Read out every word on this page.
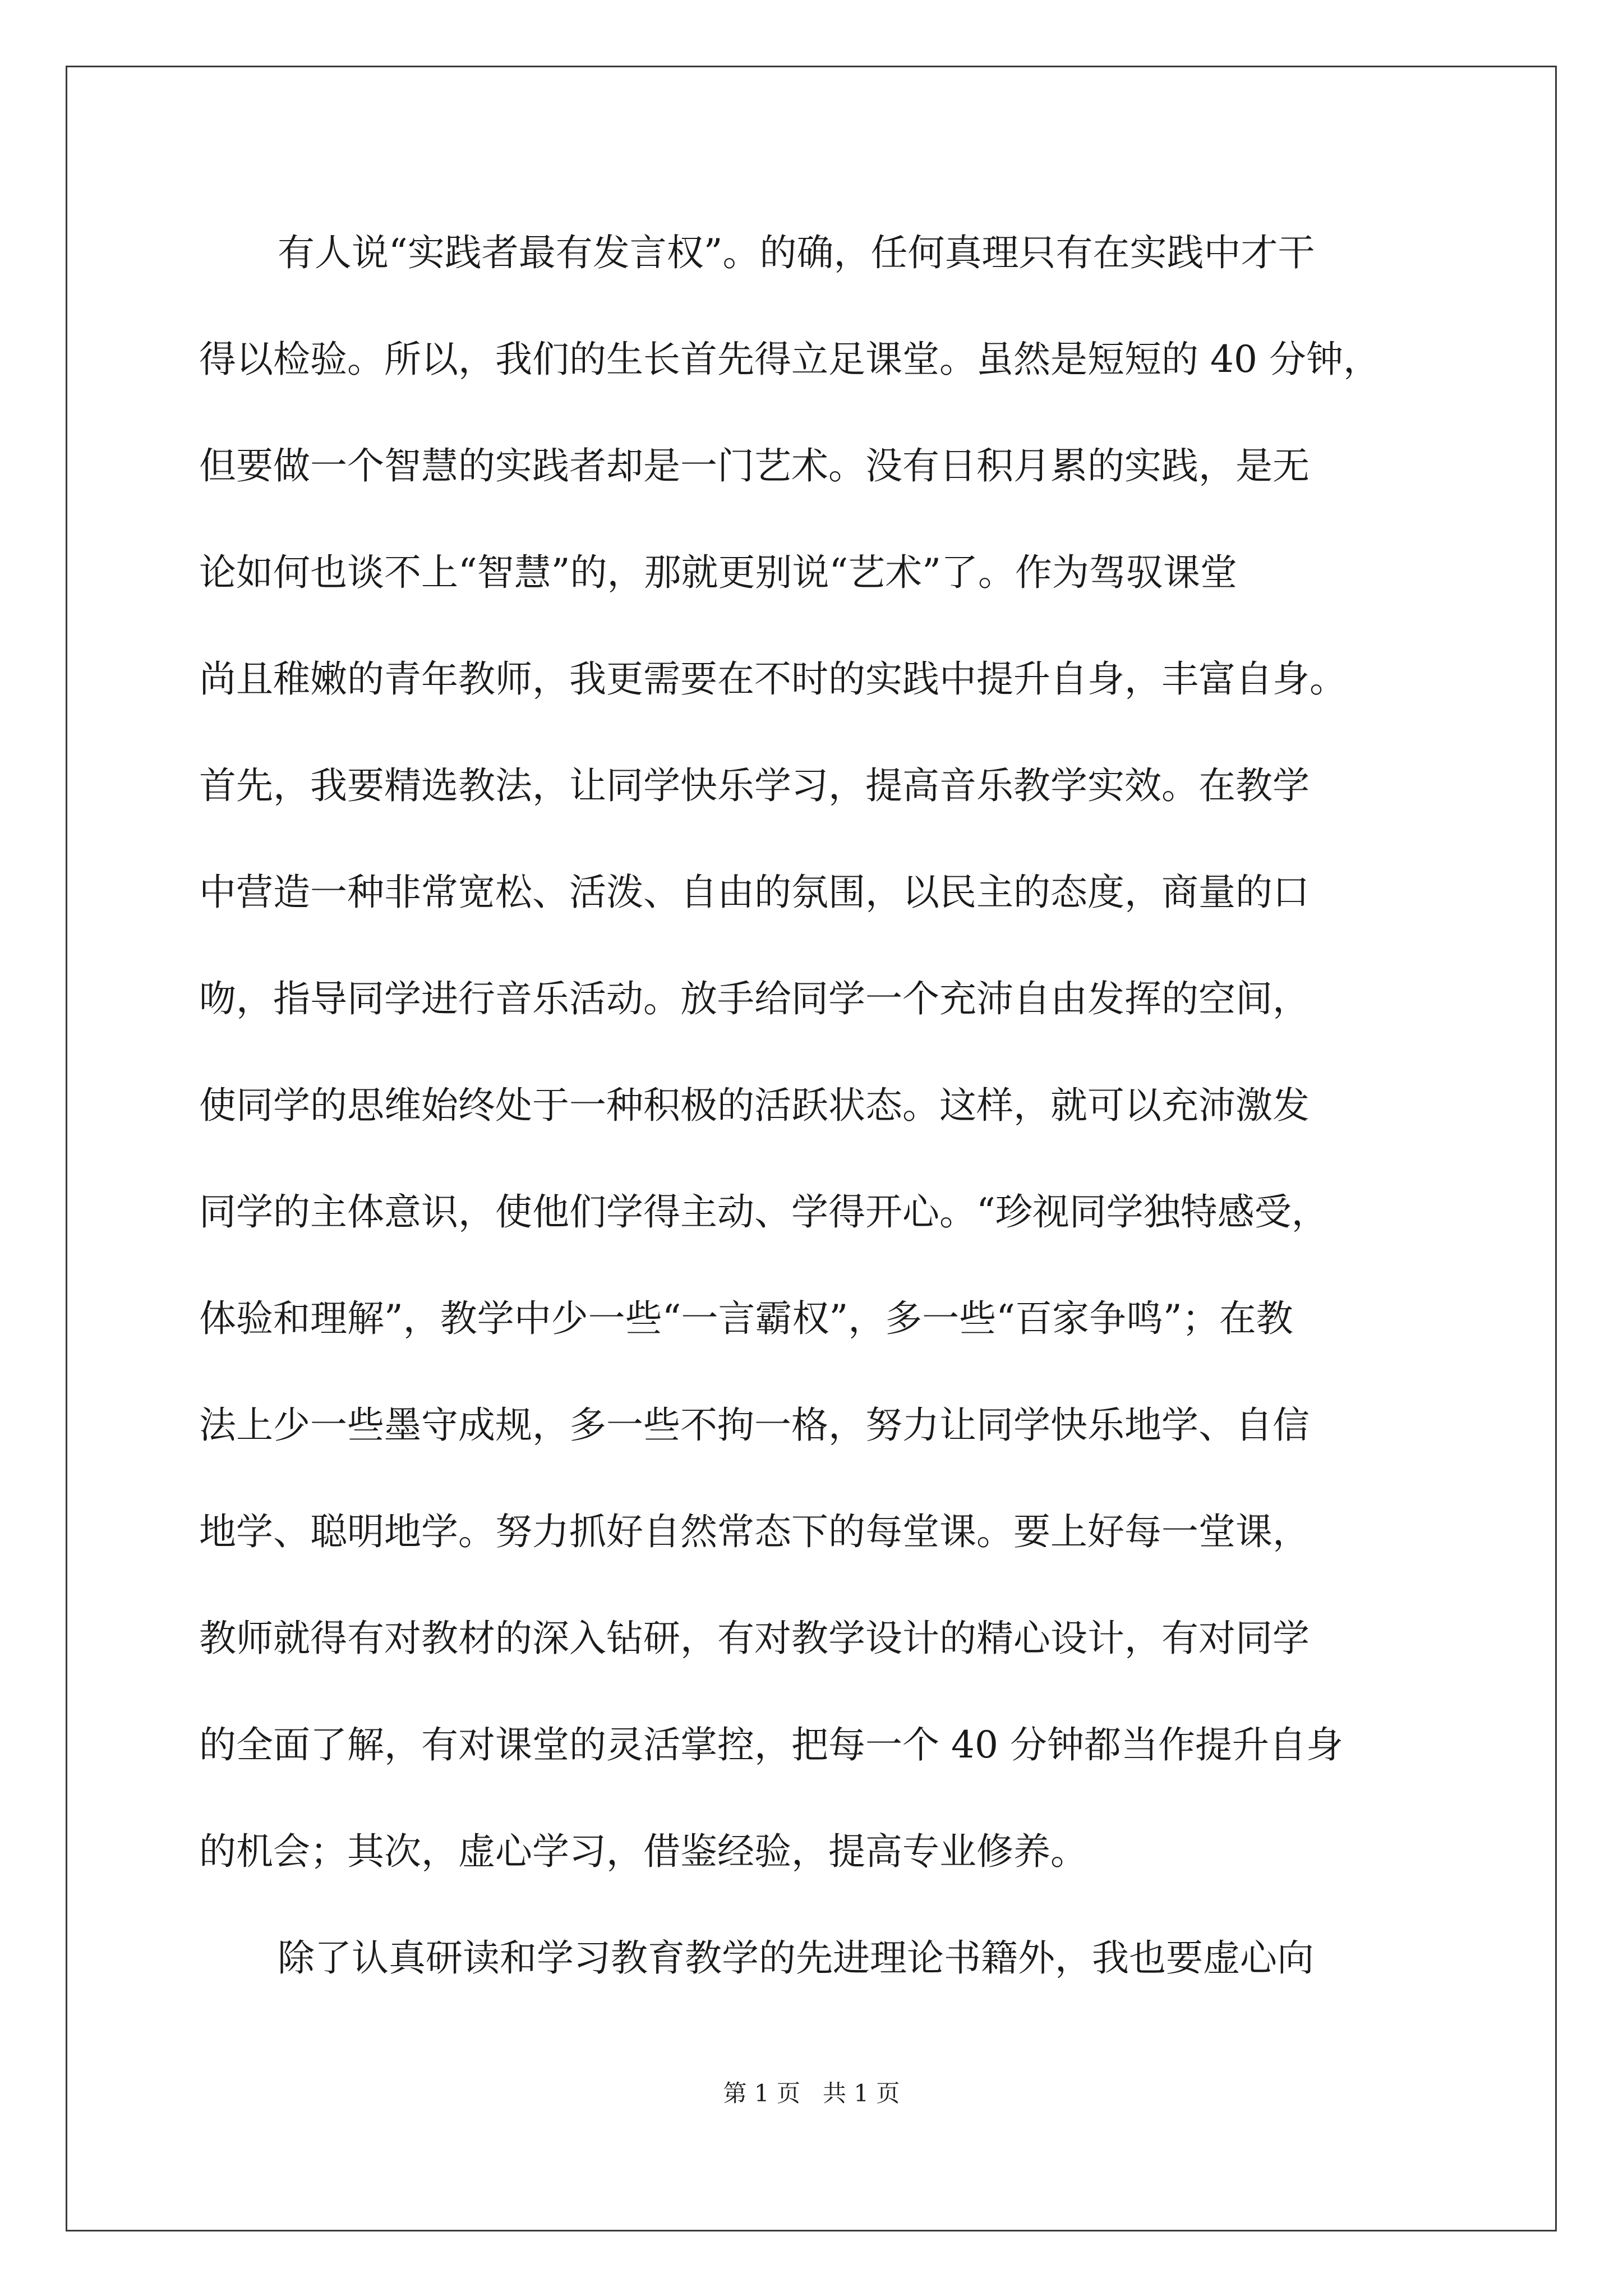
有人说“实践者最有发言权”。的确，任何真理只有在实践中才干
得以检验。所以，我们的生长首先得立足课堂。虽然是短短的 40 分钟，
但要做一个智慧的实践者却是一门艺术。没有日积月累的实践，是无
论如何也谈不上“智慧”的，那就更别说“艺术”了。作为驾驭课堂
尚且稚嫩的青年教师，我更需要在不时的实践中提升自身，丰富自身。
首先，我要精选教法，让同学快乐学习，提高音乐教学实效。在教学
中营造一种非常宽松、活泼、自由的氛围，以民主的态度，商量的口
吻，指导同学进行音乐活动。放手给同学一个充沛自由发挥的空间，
使同学的思维始终处于一种积极的活跃状态。这样，就可以充沛激发
同学的主体意识，使他们学得主动、学得开心。“珍视同学独特感受，
体验和理解”，教学中少一些“一言霸权”，多一些“百家争鸣”；在教
法上少一些墨守成规，多一些不拘一格，努力让同学快乐地学、自信
地学、聪明地学。努力抓好自然常态下的每堂课。要上好每一堂课，
教师就得有对教材的深入钻研，有对教学设计的精心设计，有对同学
的全面了解，有对课堂的灵活掌控，把每一个 40 分钟都当作提升自身
的机会；其次，虚心学习，借鉴经验，提高专业修养。
除了认真研读和学习教育教学的先进理论书籍外，我也要虚心向
第 1 页 共 1 页
